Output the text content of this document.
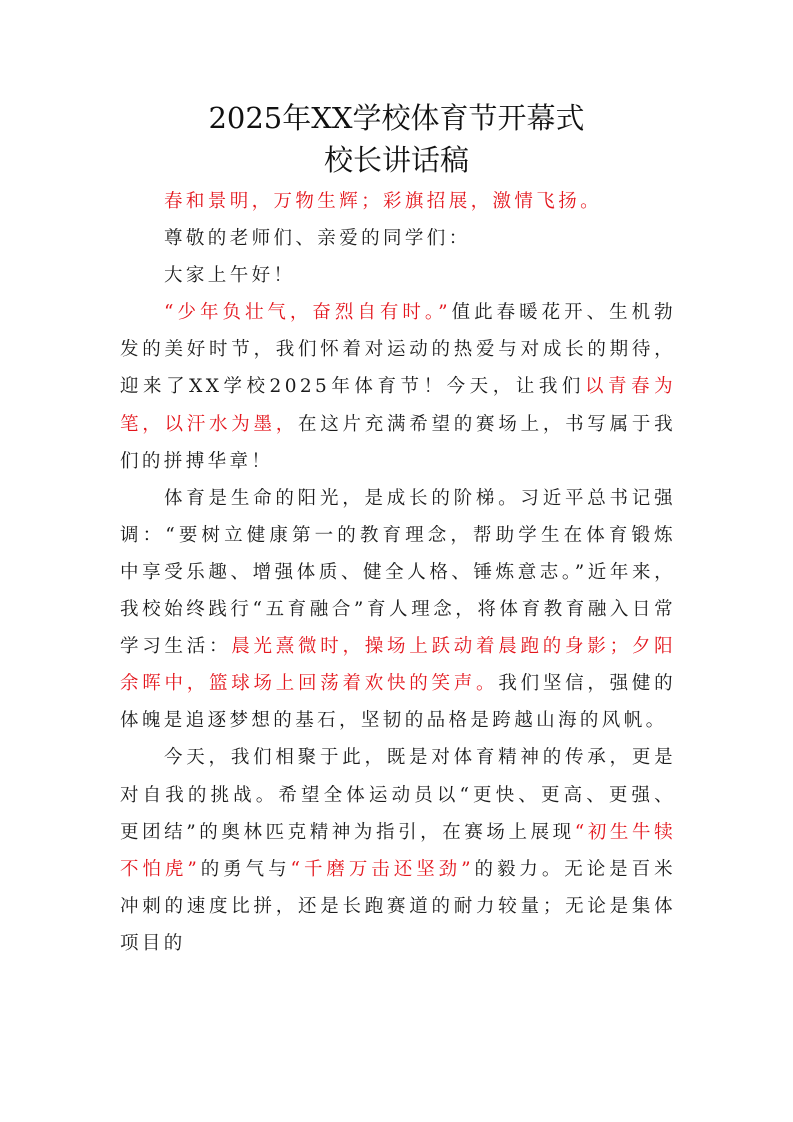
2025年XX学校体育节开幕式
校长讲话稿

春和景明，万物生辉；彩旗招展，激情飞扬。

尊敬的老师们、亲爱的同学们：

大家上午好！

“少年负壮气，奋烈自有时。”值此春暖花开、生机勃发的美好时节，我们怀着对运动的热爱与对成长的期待，迎来了XX学校2025年体育节！今天，让我们以青春为笔，以汗水为墨，在这片充满希望的赛场上，书写属于我们的拼搏华章！

体育是生命的阳光，是成长的阶梯。习近平总书记强调：“要树立健康第一的教育理念，帮助学生在体育锻炼中享受乐趣、增强体质、健全人格、锤炼意志。”近年来，我校始终践行“五育融合”育人理念，将体育教育融入日常学习生活：晨光熹微时，操场上跃动着晨跑的身影；夕阳余晖中，篮球场上回荡着欢快的笑声。我们坚信，强健的体魄是追逐梦想的基石，坚韧的品格是跨越山海的风帆。

今天，我们相聚于此，既是对体育精神的传承，更是对自我的挑战。希望全体运动员以“更快、更高、更强、更团结”的奥林匹克精神为指引，在赛场上展现“初生牛犊不怕虎”的勇气与“千磨万击还坚劲”的毅力。无论是百米冲刺的速度比拼，还是长跑赛道的耐力较量；无论是集体项目的
